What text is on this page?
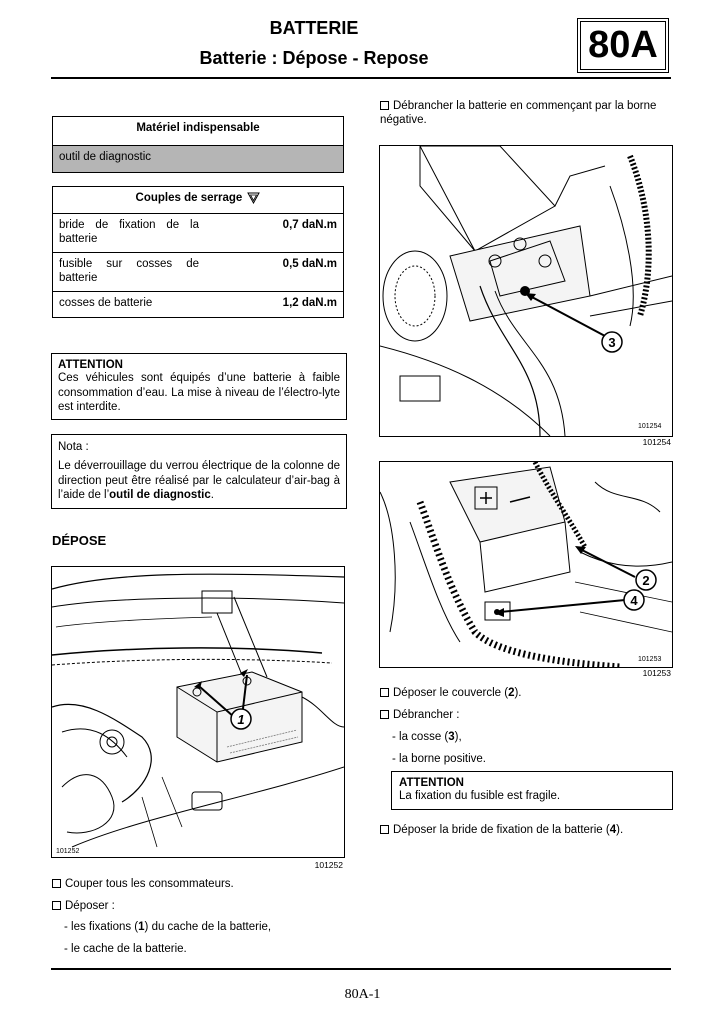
BATTERIE
Batterie : Dépose - Repose	80A
Matériel indispensable
outil de diagnostic
Couples de serrage	

bride de fixation de la batterie	0,7 daN.m
fusible sur cosses de batterie	0,5 daN.m
cosses de batterie	1,2 daN.m
ATTENTION
Ces véhicules sont équipés d’une batterie à faible consommation d’eau. La mise à niveau de l’électro-lyte est interdite.
Nota :
Le déverrouillage du verrou électrique de la colonne de direction peut être réalisé par le calculateur d’air-bag à l’aide de l’outil de diagnostic.
DÉPOSE
1
101252
101252
Couper tous les consommateurs.
Déposer :
- les fixations (1) du cache de la batterie,
- le cache de la batterie.
Débrancher la batterie en commençant par la borne négative.
3
101254
101254
2
4
101253
101253
Déposer le couvercle (2).
Débrancher :
- la cosse (3),
- la borne positive.
ATTENTION
La fixation du fusible est fragile.
Déposer la bride de fixation de la batterie (4).
80A-1
